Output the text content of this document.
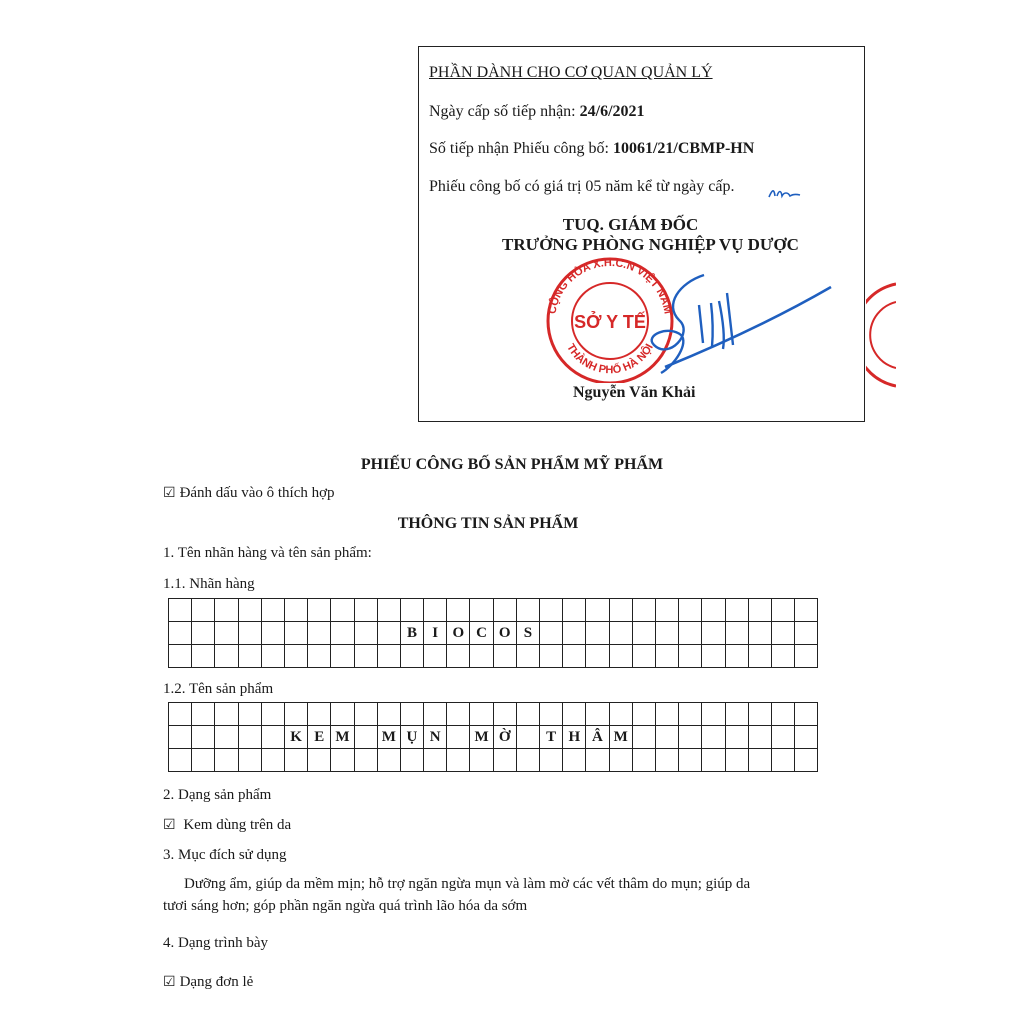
PHẦN DÀNH CHO CƠ QUAN QUẢN LÝ
Ngày cấp số tiếp nhận: 24/6/2021
Số tiếp nhận Phiếu công bố: 10061/21/CBMP-HN
Phiếu công bố có giá trị 05 năm kể từ ngày cấp.
TUQ. GIÁM ĐỐC
TRƯỞNG PHÒNG NGHIỆP VỤ DƯỢC
CỘNG HÒA X.H.C.N VIỆT NAM
THÀNH PHỐ HÀ NỘI
SỞ Y TẾ
Nguyễn Văn Khải
PHIẾU CÔNG BỐ SẢN PHẨM MỸ PHẨM
☑ Đánh dấu vào ô thích hợp
THÔNG TIN SẢN PHẨM
1. Tên nhãn hàng và tên sản phẩm:
1.1. Nhãn hàng

										B	I	O	C	O	S												

1.2. Tên sản phẩm

					K	E	M		M	Ụ	N		M	Ờ		T	H	Â	M								

2. Dạng sản phẩm
☑ Kem dùng trên da
3. Mục đích sử dụng
Dưỡng ẩm, giúp da mềm mịn; hỗ trợ ngăn ngừa mụn và làm mờ các vết thâm do mụn; giúp da
tươi sáng hơn; góp phần ngăn ngừa quá trình lão hóa da sớm
4. Dạng trình bày
☑ Dạng đơn lẻ
